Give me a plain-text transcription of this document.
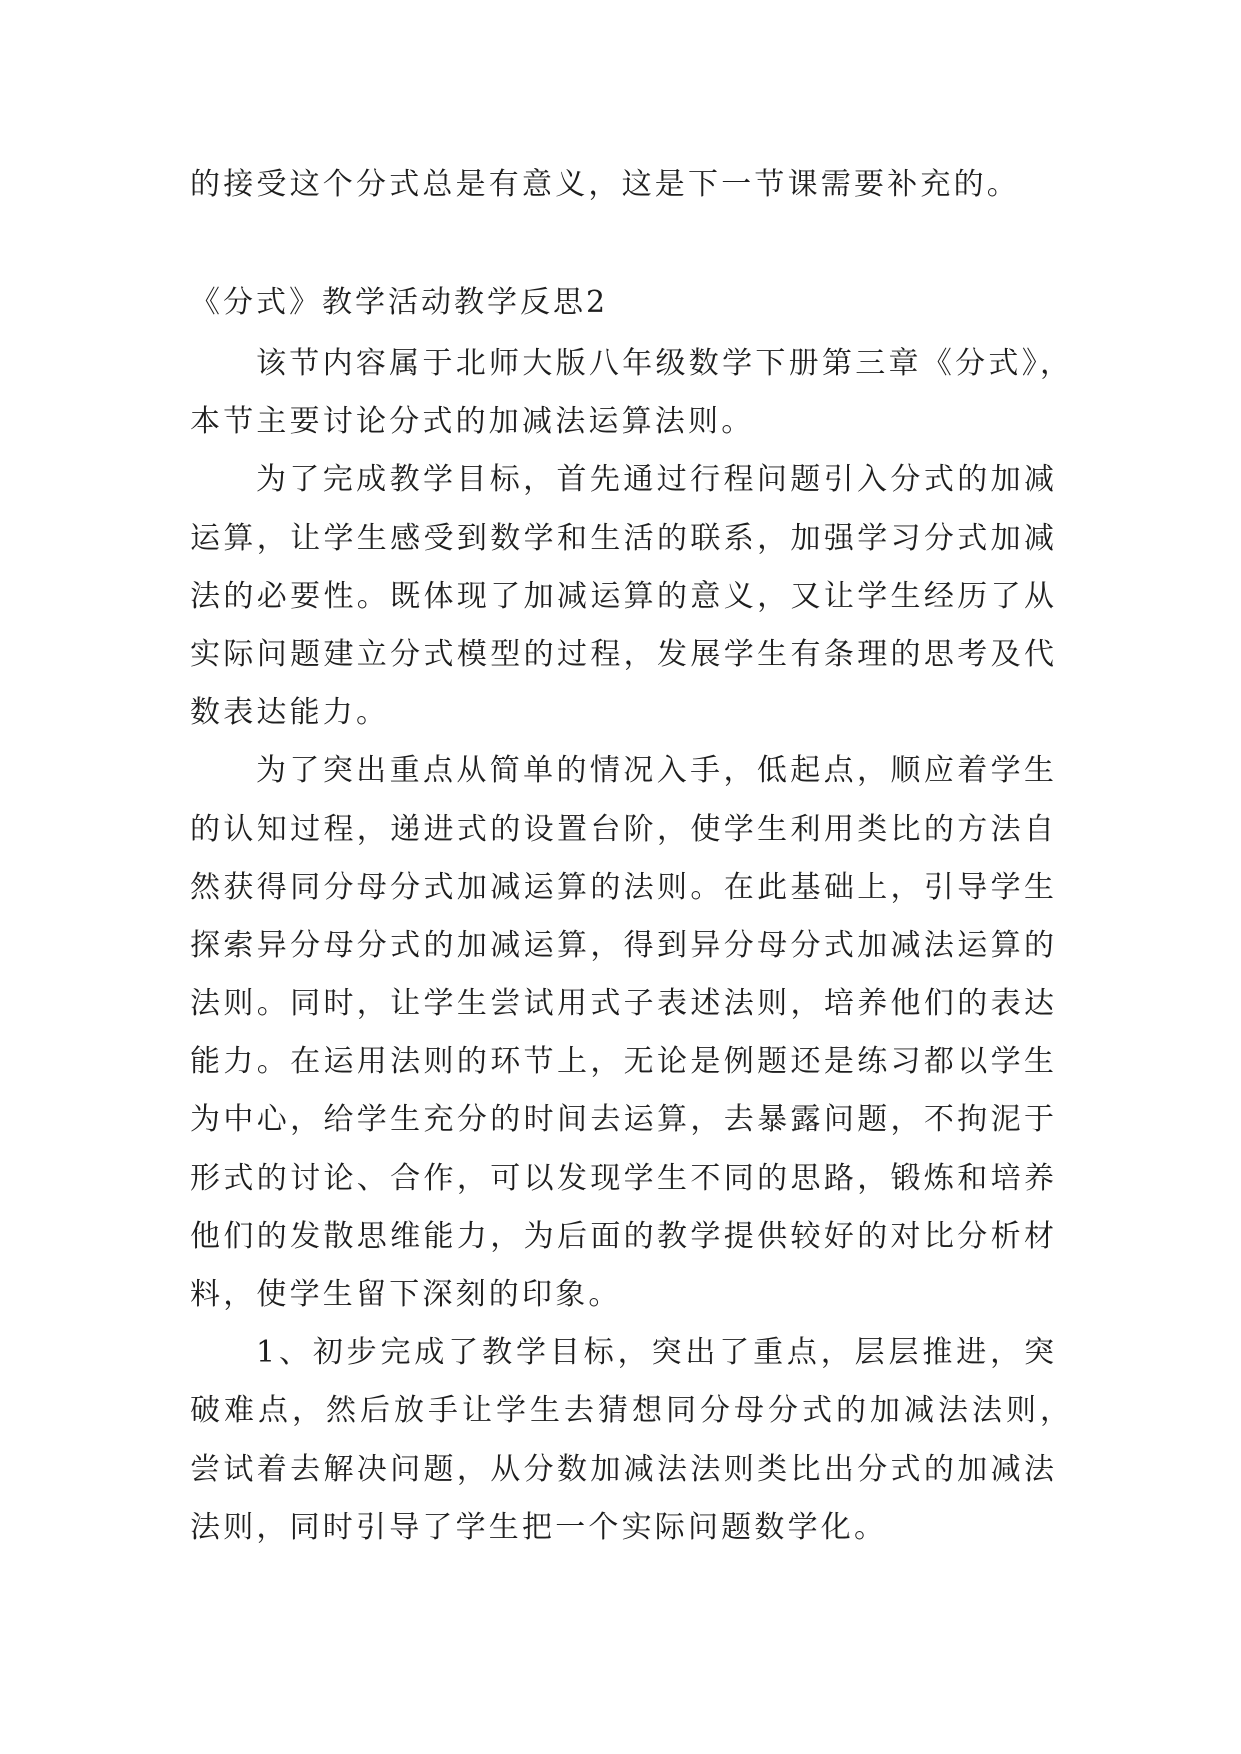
的接受这个分式总是有意义，这是下一节课需要补充的。
《分式》教学活动教学反思2
该节内容属于北师大版八年级数学下册第三章《分式》，
本节主要讨论分式的加减法运算法则。
为了完成教学目标，首先通过行程问题引入分式的加减
运算，让学生感受到数学和生活的联系，加强学习分式加减
法的必要性。既体现了加减运算的意义，又让学生经历了从
实际问题建立分式模型的过程，发展学生有条理的思考及代
数表达能力。
为了突出重点从简单的情况入手，低起点，顺应着学生
的认知过程，递进式的设置台阶，使学生利用类比的方法自
然获得同分母分式加减运算的法则。在此基础上，引导学生
探索异分母分式的加减运算，得到异分母分式加减法运算的
法则。同时，让学生尝试用式子表述法则，培养他们的表达
能力。在运用法则的环节上，无论是例题还是练习都以学生
为中心，给学生充分的时间去运算，去暴露问题，不拘泥于
形式的讨论、合作，可以发现学生不同的思路，锻炼和培养
他们的发散思维能力，为后面的教学提供较好的对比分析材
料，使学生留下深刻的印象。
1、初步完成了教学目标，突出了重点，层层推进，突
破难点，然后放手让学生去猜想同分母分式的加减法法则，
尝试着去解决问题，从分数加减法法则类比出分式的加减法
法则，同时引导了学生把一个实际问题数学化。
